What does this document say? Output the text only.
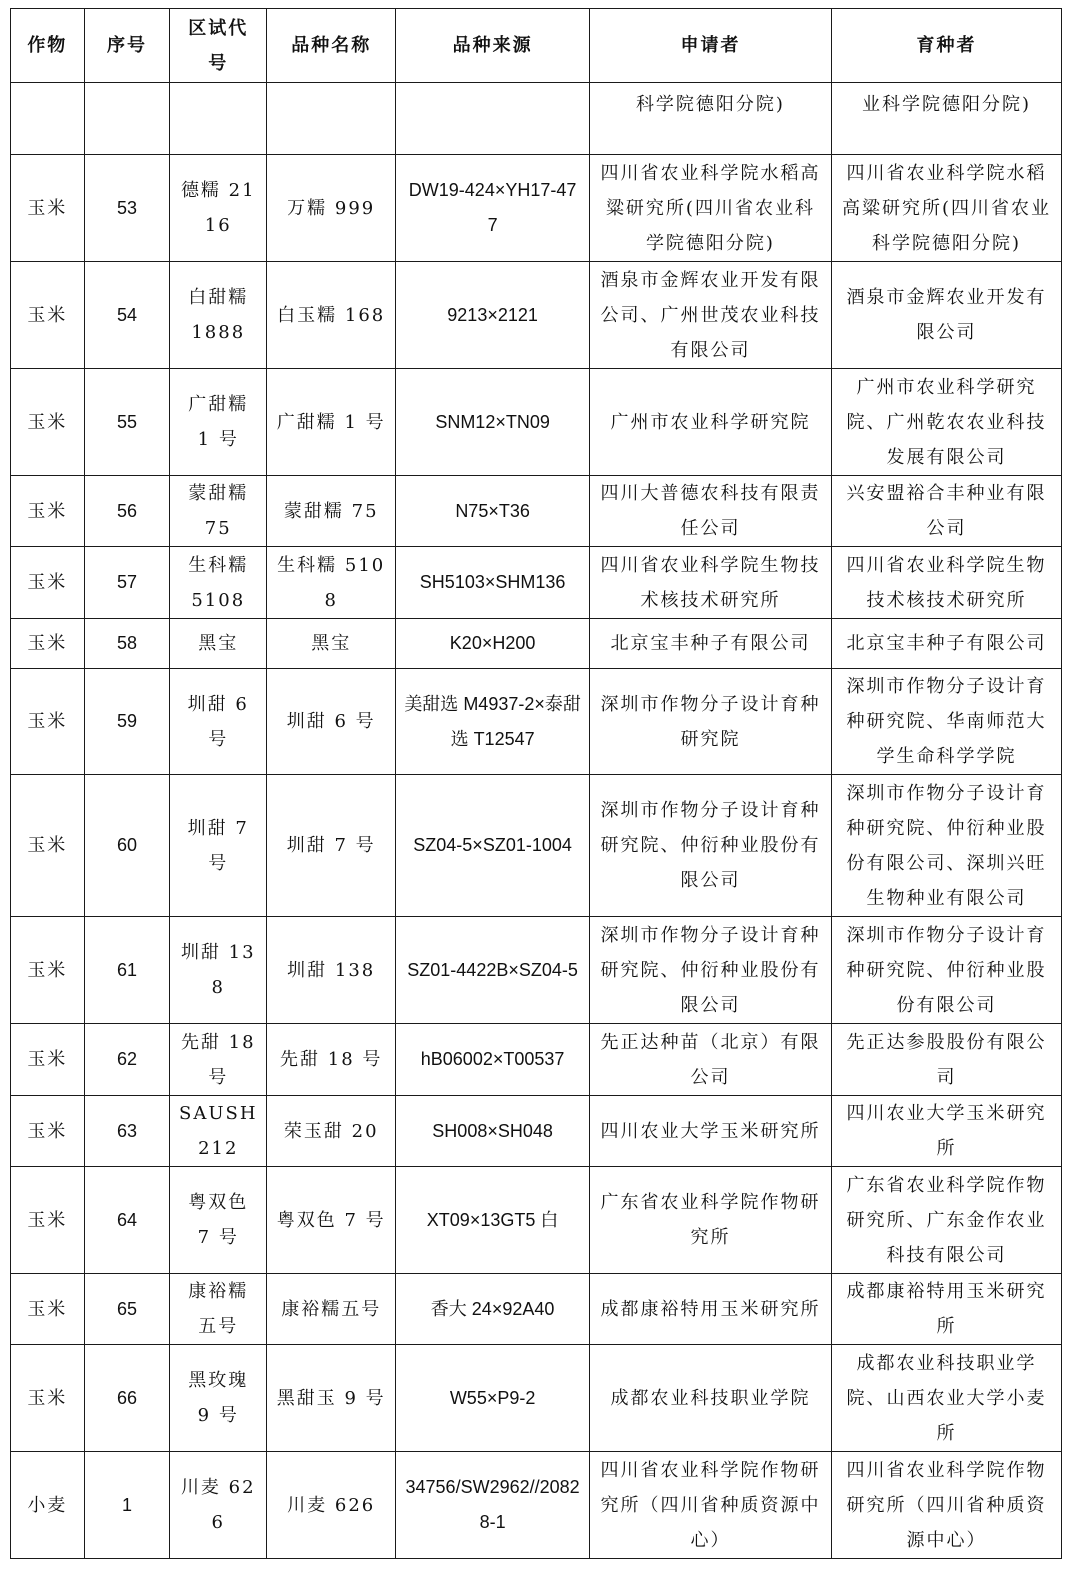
作物	序号	区试代号	品种名称	品种来源	申请者	育种者
					科学院德阳分院)	业科学院德阳分院)
玉米	53	德糯 2116	万糯 999	DW19-424×YH17-477	四川省农业科学院水稻高粱研究所(四川省农业科学院德阳分院)	四川省农业科学院水稻高粱研究所(四川省农业科学院德阳分院)
玉米	54	白甜糯 1888	白玉糯 168	9213×2121	酒泉市金辉农业开发有限公司、广州世茂农业科技有限公司	酒泉市金辉农业开发有限公司
玉米	55	广甜糯 1 号	广甜糯 1 号	SNM12×TN09	广州市农业科学研究院	广州市农业科学研究院、广州乾农农业科技发展有限公司
玉米	56	蒙甜糯 75	蒙甜糯 75	N75×T36	四川大普德农科技有限责任公司	兴安盟裕合丰种业有限公司
玉米	57	生科糯 5108	生科糯 5108	SH5103×SHM136	四川省农业科学院生物技术核技术研究所	四川省农业科学院生物技术核技术研究所
玉米	58	黑宝	黑宝	K20×H200	北京宝丰种子有限公司	北京宝丰种子有限公司
玉米	59	圳甜 6 号	圳甜 6 号	美甜选 M4937-2×泰甜选 T12547	深圳市作物分子设计育种研究院	深圳市作物分子设计育种研究院、华南师范大学生命科学学院
玉米	60	圳甜 7 号	圳甜 7 号	SZ04-5×SZ01-1004	深圳市作物分子设计育种研究院、仲衍种业股份有限公司	深圳市作物分子设计育种研究院、仲衍种业股份有限公司、深圳兴旺生物种业有限公司
玉米	61	圳甜 138	圳甜 138	SZ01-4422B×SZ04-5	深圳市作物分子设计育种研究院、仲衍种业股份有限公司	深圳市作物分子设计育种研究院、仲衍种业股份有限公司
玉米	62	先甜 18 号	先甜 18 号	hB06002×T00537	先正达种苗（北京）有限公司	先正达参股股份有限公司
玉米	63	SAUSH212	荣玉甜 20	SH008×SH048	四川农业大学玉米研究所	四川农业大学玉米研究所
玉米	64	粤双色 7 号	粤双色 7 号	XT09×13GT5 白	广东省农业科学院作物研究所	广东省农业科学院作物研究所、广东金作农业科技有限公司
玉米	65	康裕糯五号	康裕糯五号	香大 24×92A40	成都康裕特用玉米研究所	成都康裕特用玉米研究所
玉米	66	黑玫瑰 9 号	黑甜玉 9 号	W55×P9-2	成都农业科技职业学院	成都农业科技职业学院、山西农业大学小麦所
小麦	1	川麦 626	川麦 626	34756/SW2962//20828-1	四川省农业科学院作物研究所（四川省种质资源中心）	四川省农业科学院作物研究所（四川省种质资源中心）
